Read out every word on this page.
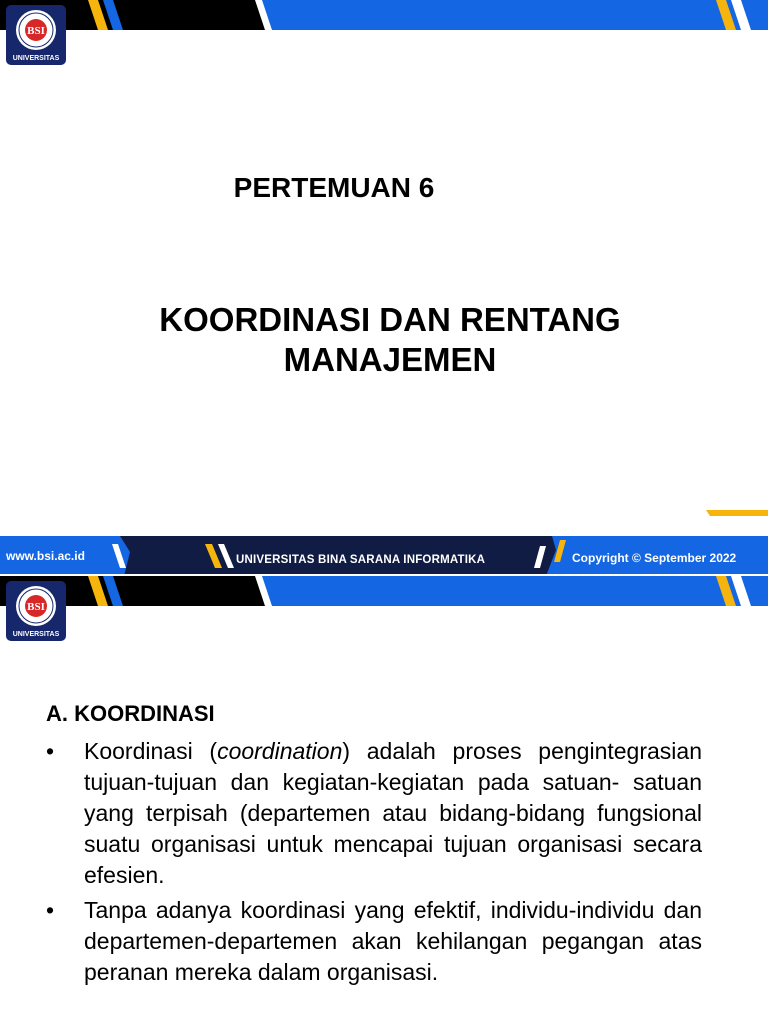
BSI
UNIVERSITAS
PERTEMUAN 6
KOORDINASI DAN RENTANG
MANAJEMEN
www.bsi.ac.id	UNIVERSITAS BINA SARANA INFORMATIKA	Copyright © September 2022
BSI
UNIVERSITAS
A. KOORDINASI
• Koordinasi (coordination) adalah proses pengintegrasian tujuan-tujuan dan kegiatan-kegiatan pada satuan- satuan yang terpisah (departemen atau bidang-bidang fungsional suatu organisasi untuk mencapai tujuan organisasi secara efesien.
• Tanpa adanya koordinasi yang efektif, individu-individu dan departemen-departemen akan kehilangan pegangan atas peranan mereka dalam organisasi.
